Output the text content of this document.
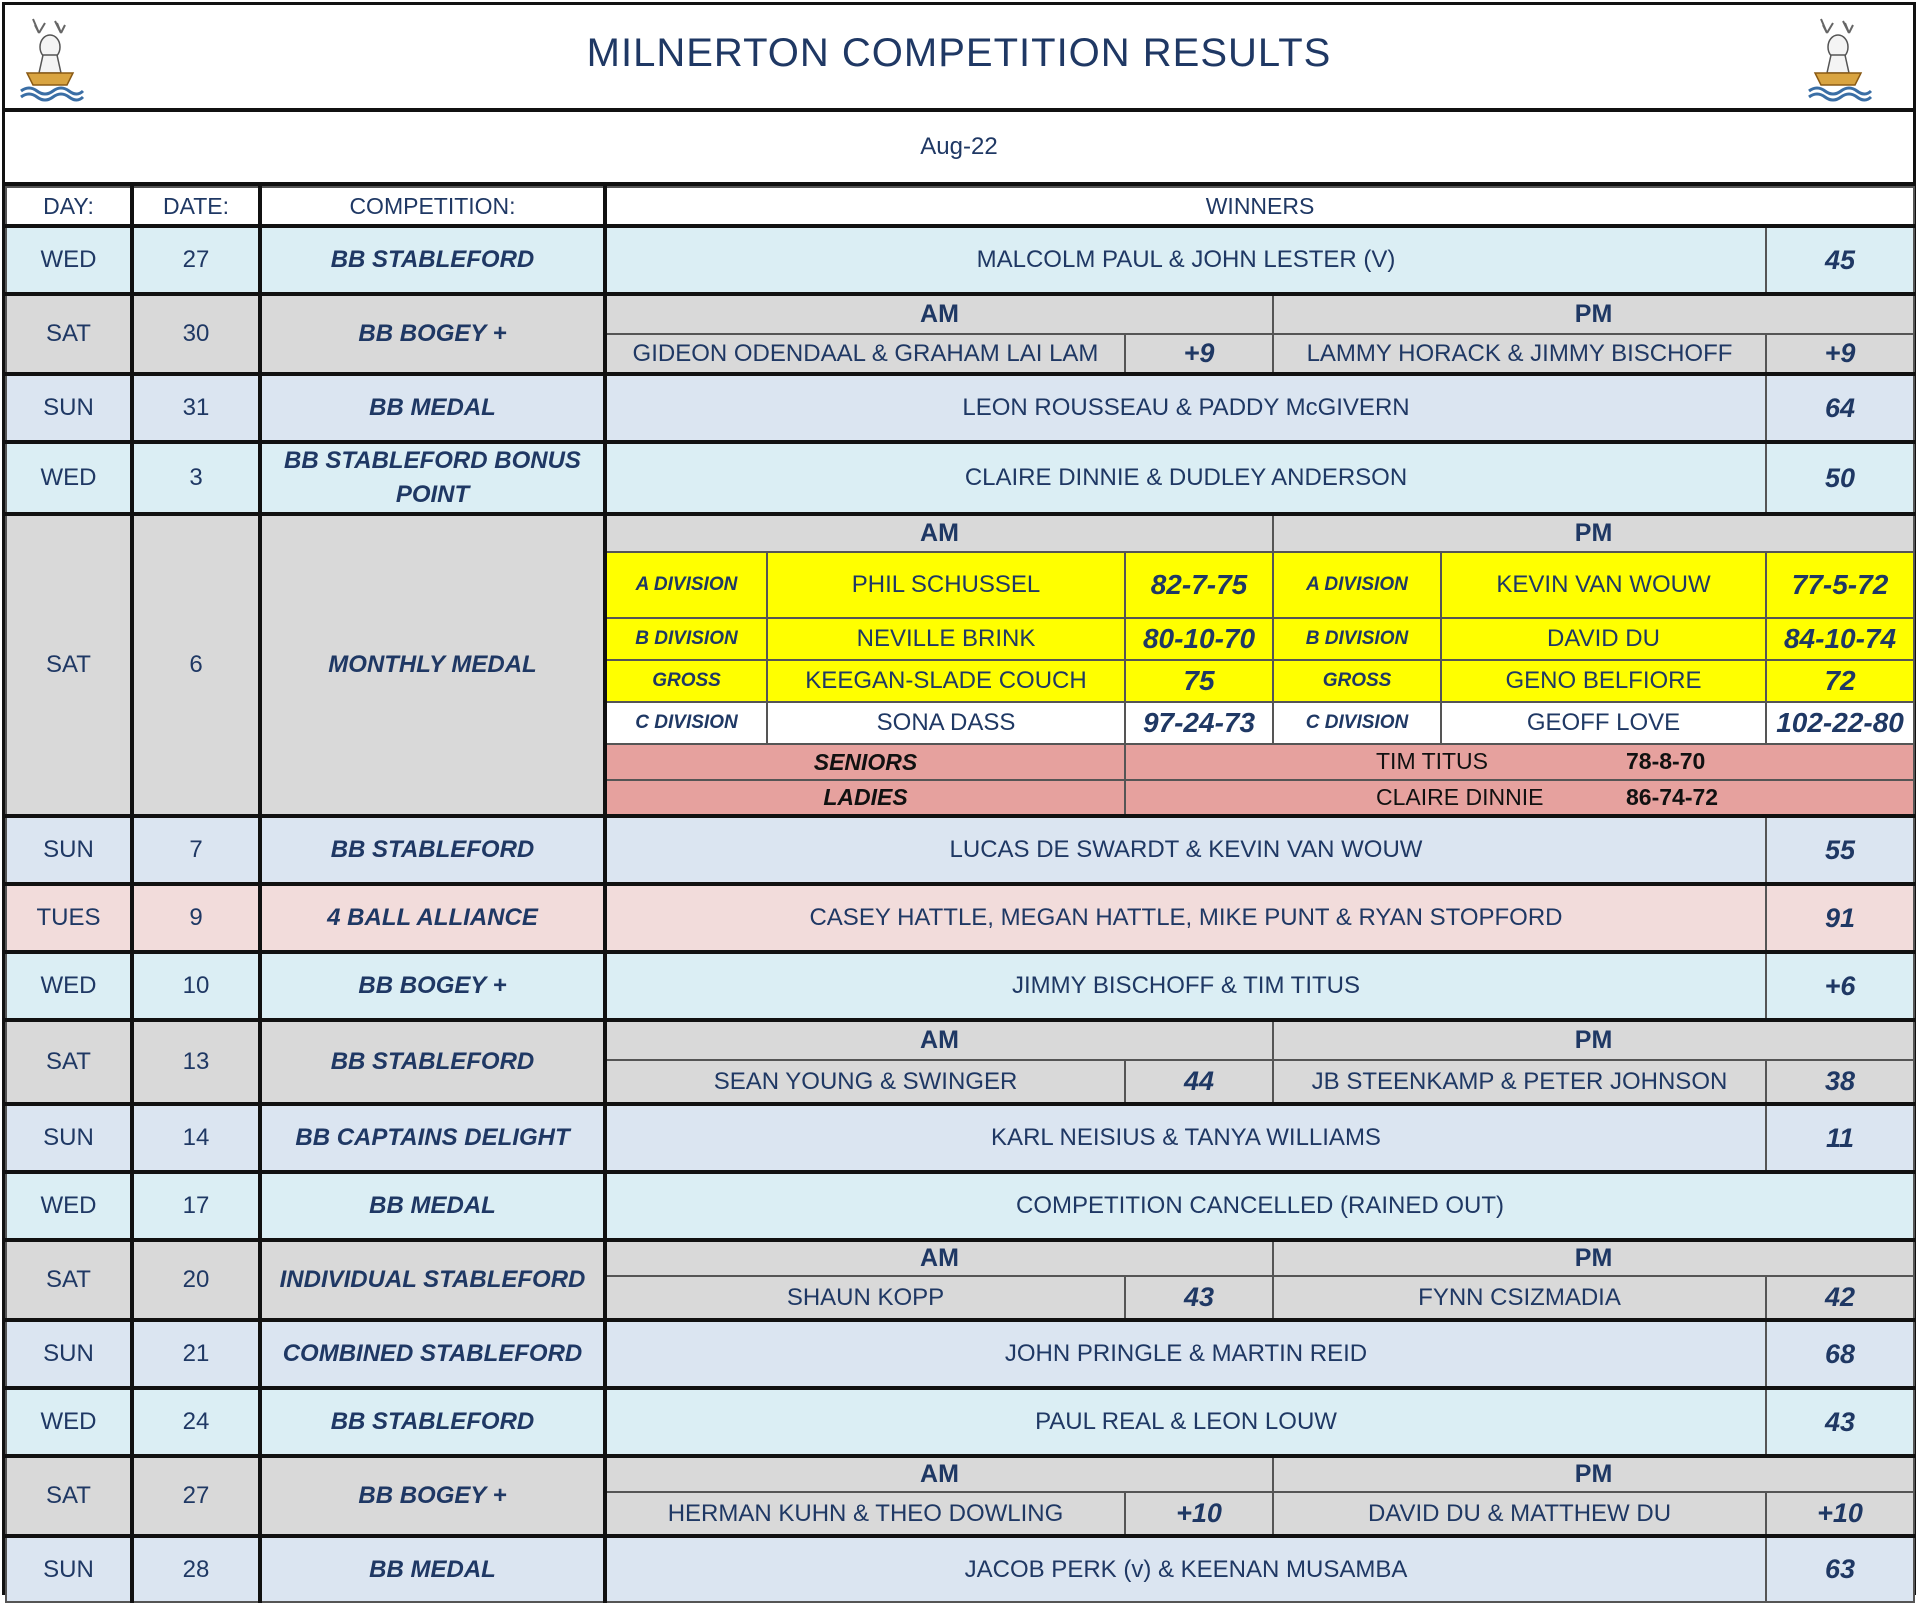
MILNERTON COMPETITION RESULTS
Aug-22
DAY:	DATE:	COMPETITION:	WINNERS					
WED	27	BB STABLEFORD	MALCOLM PAUL & JOHN LESTER (V)					45
SAT	30	BB BOGEY +	AM			PM		
			GIDEON ODENDAAL & GRAHAM LAI LAM		+9	LAMMY HORACK & JIMMY BISCHOFF		+9
SUN	31	BB MEDAL	LEON ROUSSEAU & PADDY McGIVERN					64
WED	3	BB STABLEFORD BONUS POINT	CLAIRE DINNIE & DUDLEY ANDERSON					50
SAT	6	MONTHLY MEDAL	AM			PM		
			A DIVISION	PHIL SCHUSSEL	82-7-75	A DIVISION	KEVIN VAN WOUW	77-5-72
			B DIVISION	NEVILLE BRINK	80-10-70	B DIVISION	DAVID DU	84-10-74
			GROSS	KEEGAN-SLADE COUCH	75	GROSS	GENO BELFIORE	72
			C DIVISION	SONA DASS	97-24-73	C DIVISION	GEOFF LOVE	102-22-80
			SENIORS		TIM TITUS 78-8-70			
			LADIES		CLAIRE DINNIE 86-74-72			
SUN	7	BB STABLEFORD	LUCAS DE SWARDT & KEVIN VAN WOUW					55
TUES	9	4 BALL ALLIANCE	CASEY HATTLE, MEGAN HATTLE, MIKE PUNT & RYAN STOPFORD					91
WED	10	BB BOGEY +	JIMMY BISCHOFF & TIM TITUS					+6
SAT	13	BB STABLEFORD	AM			PM		
			SEAN YOUNG & SWINGER		44	JB STEENKAMP & PETER JOHNSON		38
SUN	14	BB CAPTAINS DELIGHT	KARL NEISIUS & TANYA WILLIAMS					11
WED	17	BB MEDAL	COMPETITION CANCELLED (RAINED OUT)					
SAT	20	INDIVIDUAL STABLEFORD	AM			PM		
			SHAUN KOPP		43	FYNN CSIZMADIA		42
SUN	21	COMBINED STABLEFORD	JOHN PRINGLE & MARTIN REID					68
WED	24	BB STABLEFORD	PAUL REAL & LEON LOUW					43
SAT	27	BB BOGEY +	AM			PM		
			HERMAN KUHN & THEO DOWLING		+10	DAVID DU & MATTHEW DU		+10
SUN	28	BB MEDAL	JACOB PERK (v) & KEENAN MUSAMBA					63
